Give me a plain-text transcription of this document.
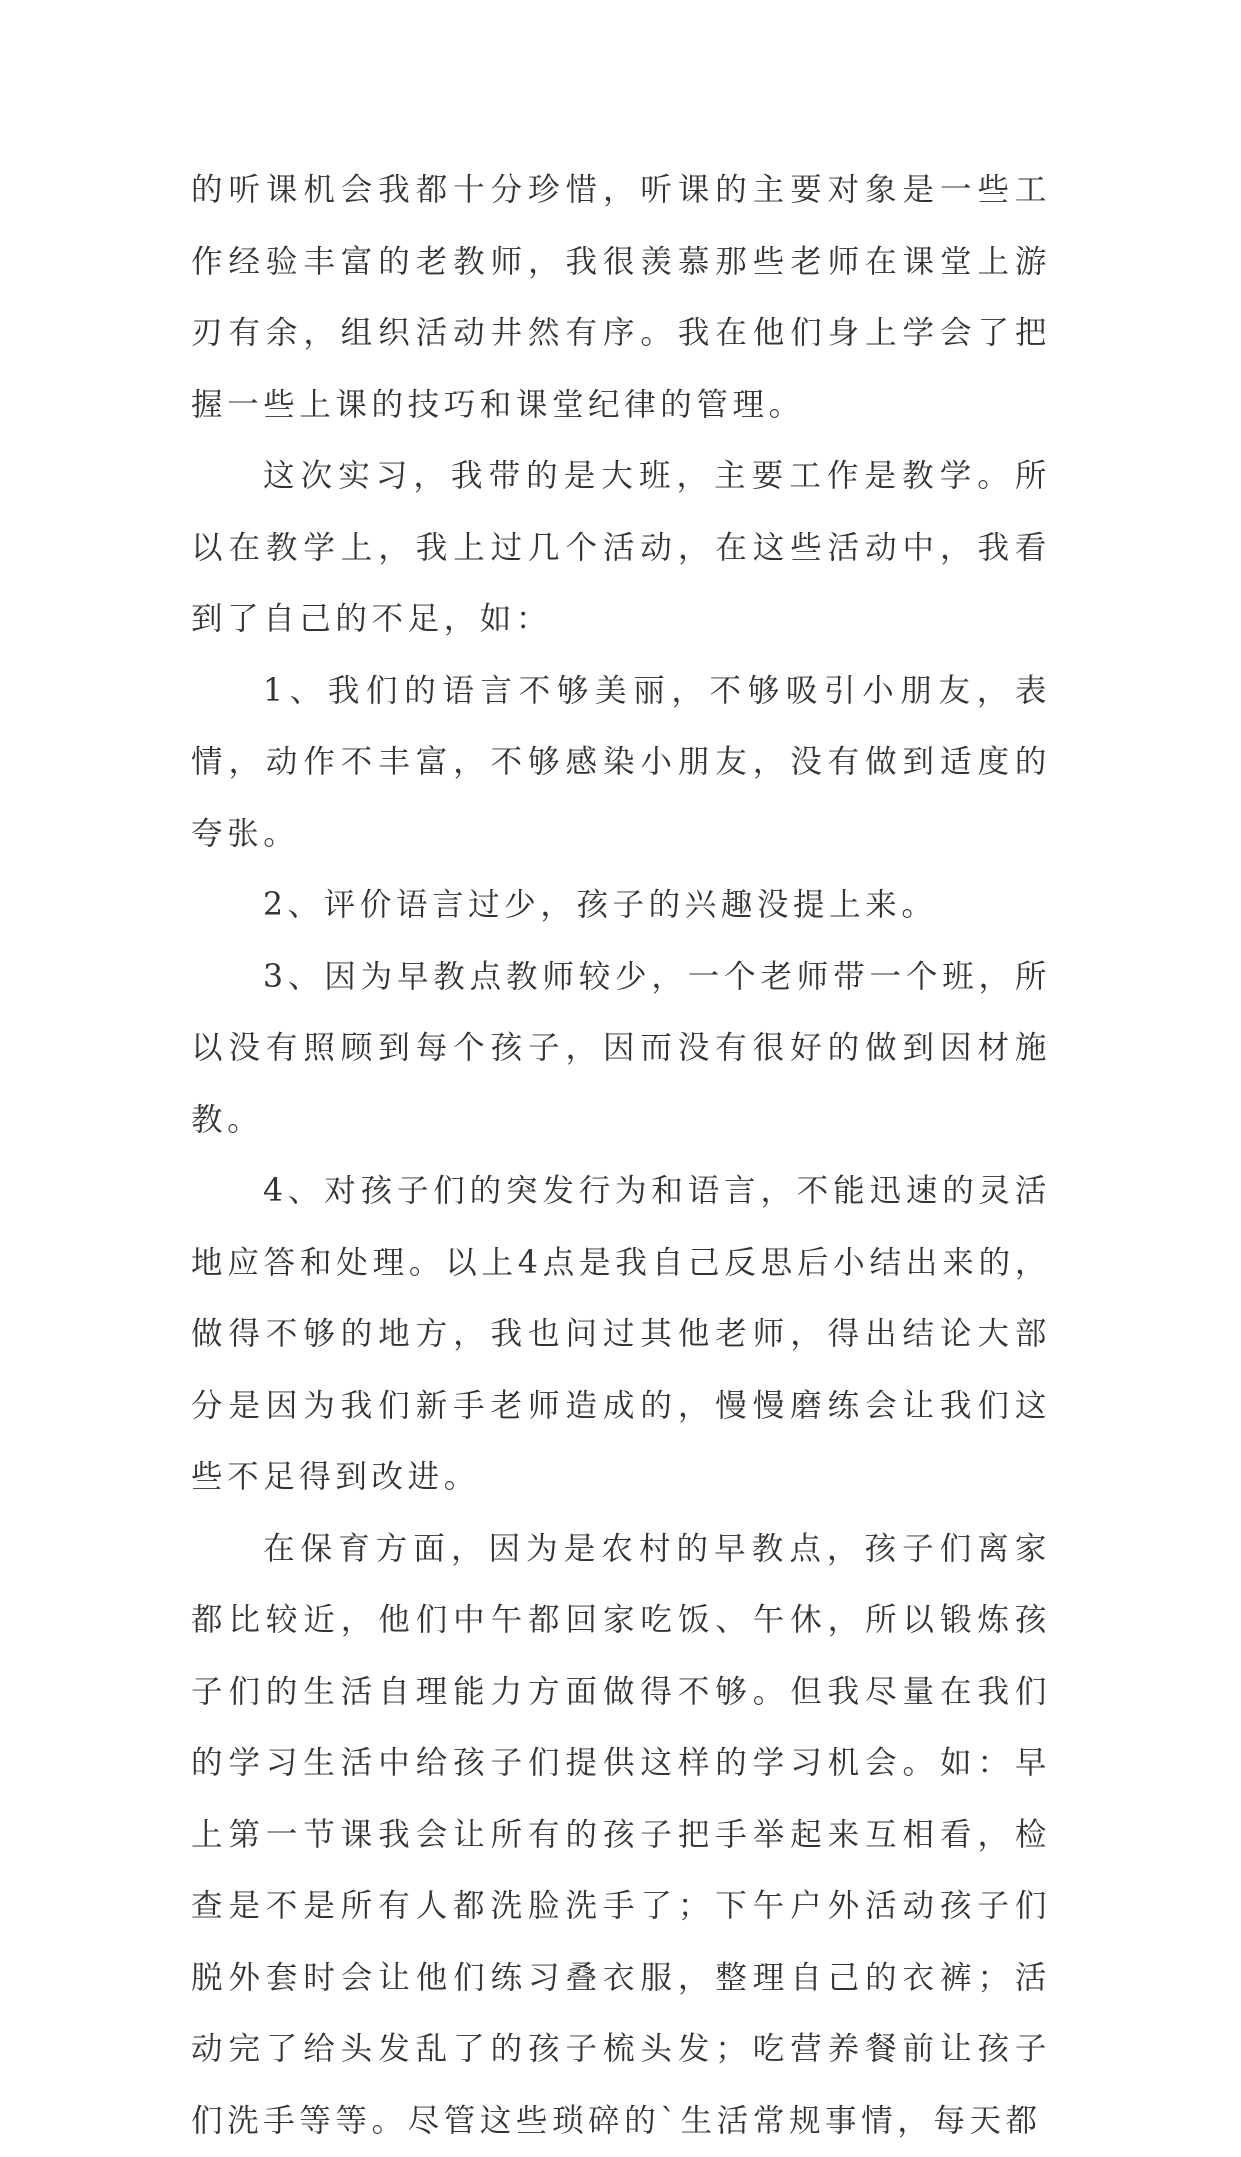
的听课机会我都十分珍惜，听课的主要对象是一些工作经验丰富的老教师，我很羡慕那些老师在课堂上游刃有余，组织活动井然有序。我在他们身上学会了把握一些上课的技巧和课堂纪律的管理。

这次实习，我带的是大班，主要工作是教学。所以在教学上，我上过几个活动，在这些活动中，我看到了自己的不足，如：

1、我们的语言不够美丽，不够吸引小朋友，表情，动作不丰富，不够感染小朋友，没有做到适度的夸张。

2、评价语言过少，孩子的兴趣没提上来。

3、因为早教点教师较少，一个老师带一个班，所以没有照顾到每个孩子，因而没有很好的做到因材施教。

4、对孩子们的突发行为和语言，不能迅速的灵活地应答和处理。以上4点是我自己反思后小结出来的，做得不够的地方，我也问过其他老师，得出结论大部分是因为我们新手老师造成的，慢慢磨练会让我们这些不足得到改进。

在保育方面，因为是农村的早教点，孩子们离家都比较近，他们中午都回家吃饭、午休，所以锻炼孩子们的生活自理能力方面做得不够。但我尽量在我们的学习生活中给孩子们提供这样的学习机会。如：早上第一节课我会让所有的孩子把手举起来互相看，检查是不是所有人都洗脸洗手了；下午户外活动孩子们脱外套时会让他们练习叠衣服，整理自己的衣裤；活动完了给头发乱了的孩子梳头发；吃营养餐前让孩子们洗手等等。尽管这些琐碎的`生活常规事情，每天都
